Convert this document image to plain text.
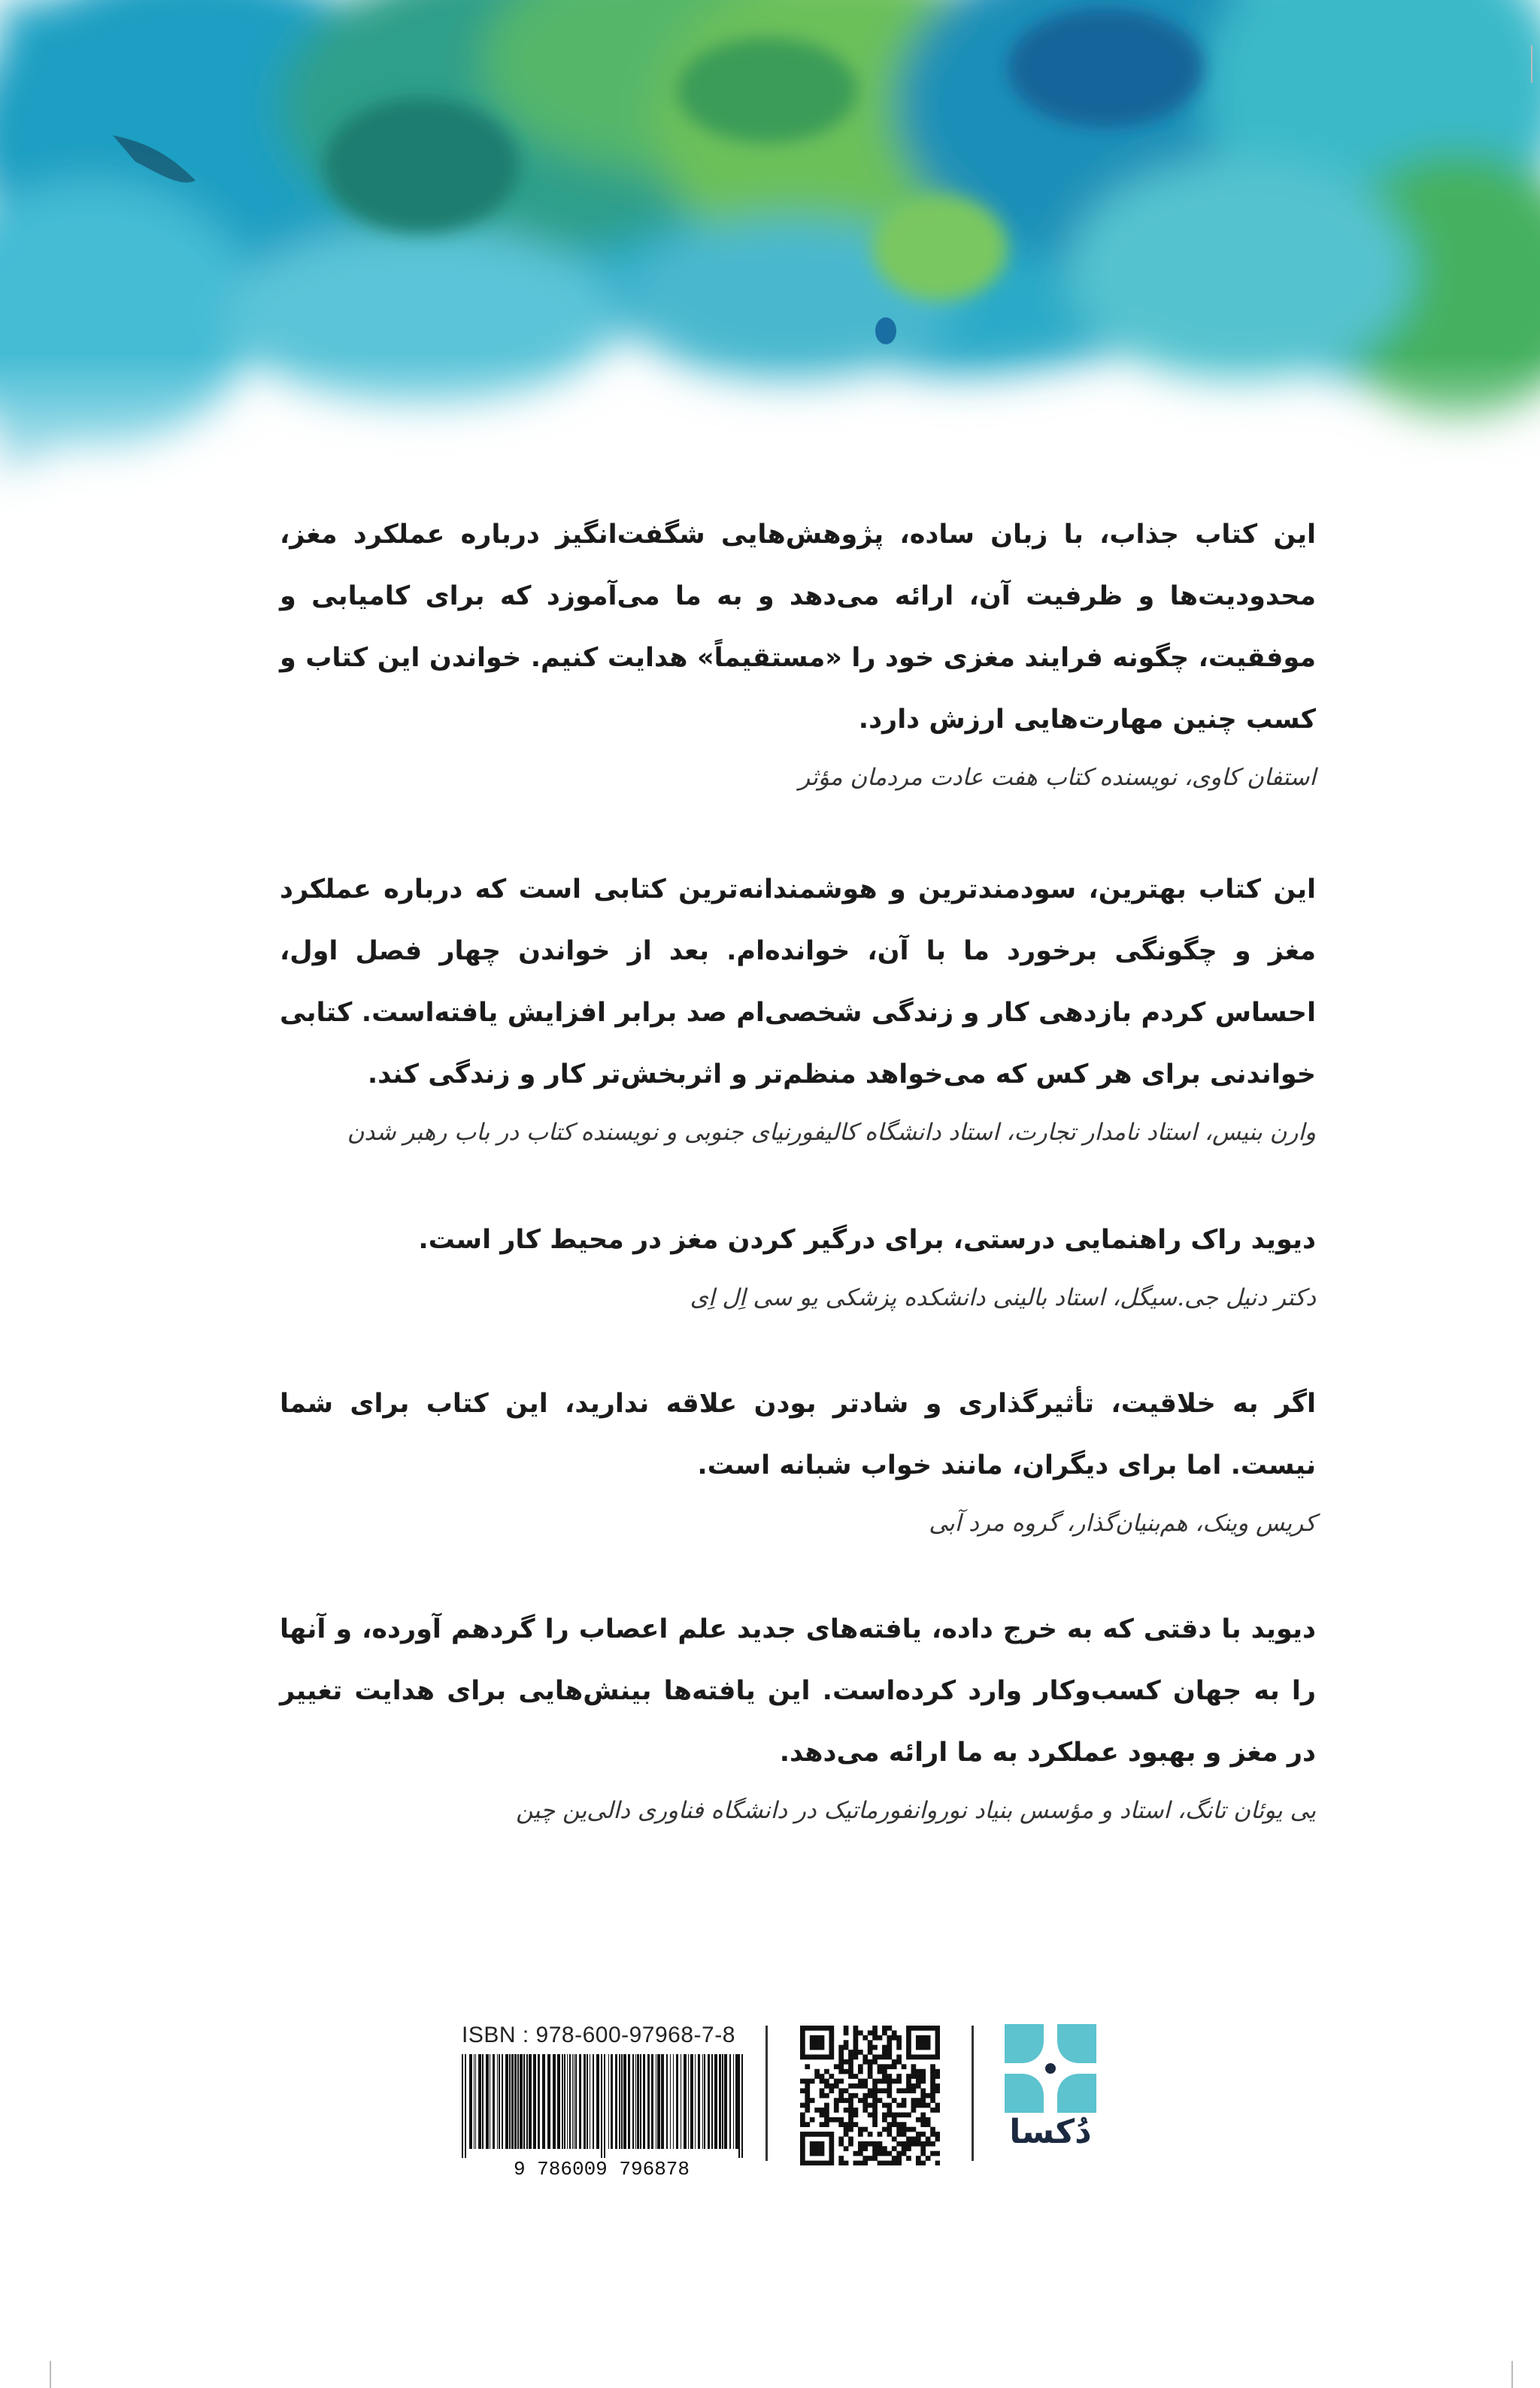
این کتاب جذاب، با زبان ساده، پژوهش‌هایی شگفت‌انگیز درباره عملکرد مغز، محدودیت‌ها و ظرفیت آن، ارائه می‌دهد و به ما می‌آموزد که برای کامیابی و موفقیت، چگونه فرایند مغزی خود را «مستقیماً» هدایت کنیم. خواندن این کتاب و کسب چنین مهارت‌هایی ارزش دارد.

استفان کاوی، نویسنده کتاب هفت عادت مردمان مؤثر

این کتاب بهترین، سودمندترین و هوشمندانه‌ترین کتابی است که درباره عملکرد مغز و چگونگی برخورد ما با آن، خوانده‌ام. بعد از خواندن چهار فصل اول، احساس کردم بازدهی کار و زندگی شخصی‌ام صد برابر افزایش یافته‌است. کتابی خواندنی برای هر کس که می‌خواهد منظم‌تر و اثربخش‌تر کار و زندگی کند.

وارن بنیس، استاد نامدار تجارت، استاد دانشگاه کالیفورنیای جنوبی و نویسنده کتاب در باب رهبر شدن

دیوید راک راهنمایی درستی، برای درگیر کردن مغز در محیط کار است.

دکتر دنیل جی.سیگل، استاد بالینی دانشکده پزشکی یو سی اِل اِی

اگر به خلاقیت، تأثیرگذاری و شادتر بودن علاقه ندارید، این کتاب برای شما نیست. اما برای دیگران، مانند خواب شبانه است.

کریس وینک، هم‌بنیان‌گذار، گروه مرد آبی

دیوید با دقتی که به خرج داده، یافته‌های جدید علم اعصاب را گردهم آورده، و آنها را به جهان کسب‌وکار وارد کرده‌است. این یافته‌ها بینش‌هایی برای هدایت تغییر در مغز و بهبود عملکرد به ما ارائه می‌دهد.

یی یوئان تانگ، استاد و مؤسس بنیاد نوروانفورماتیک در دانشگاه فناوری دالی‌ین چین

ISBN : 978-600-97968-7-8
9 786009 796878
دُکسا
